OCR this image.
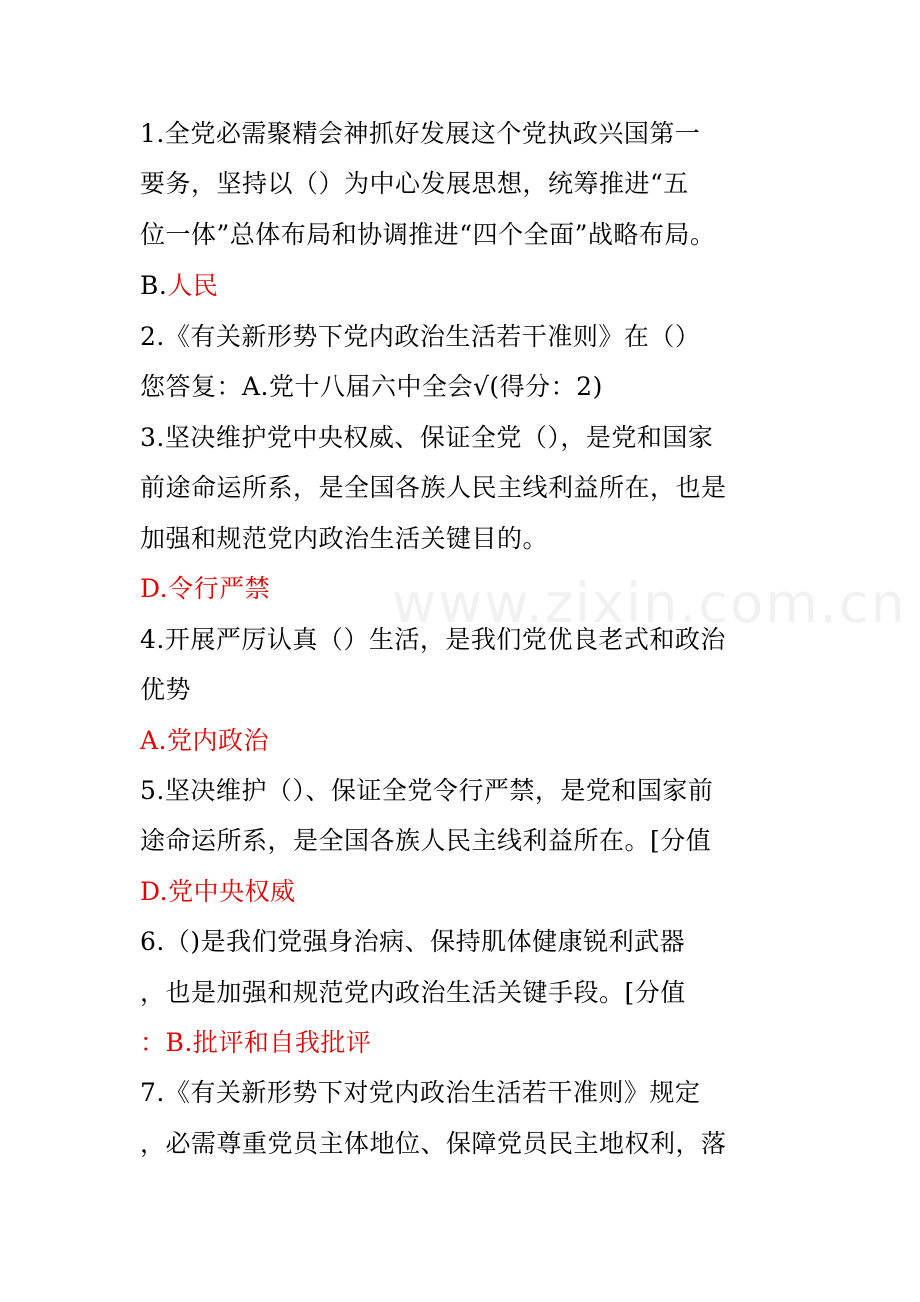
www.zixin.com.cn
1.全党必需聚精会神抓好发展这个党执政兴国第一
要务，坚持以（）为中心发展思想，统筹推进“五
位一体”总体布局和协调推进“四个全面”战略布局。
B.人民
2.《有关新形势下党内政治生活若干准则》在（）
您答复：A.党十八届六中全会√(得分：2)
3.坚决维护党中央权威、保证全党（），是党和国家
前途命运所系，是全国各族人民主线利益所在，也是
加强和规范党内政治生活关键目的。
D.令行严禁
4.开展严厉认真（）生活，是我们党优良老式和政治
优势
A.党内政治
5.坚决维护（）、保证全党令行严禁，是党和国家前
途命运所系，是全国各族人民主线利益所在。[分值
D.党中央权威
6.（)是我们党强身治病、保持肌体健康锐利武器
，也是加强和规范党内政治生活关键手段。[分值
：B.批评和自我批评
7.《有关新形势下对党内政治生活若干准则》规定
，必需尊重党员主体地位、保障党员民主地权利，落
